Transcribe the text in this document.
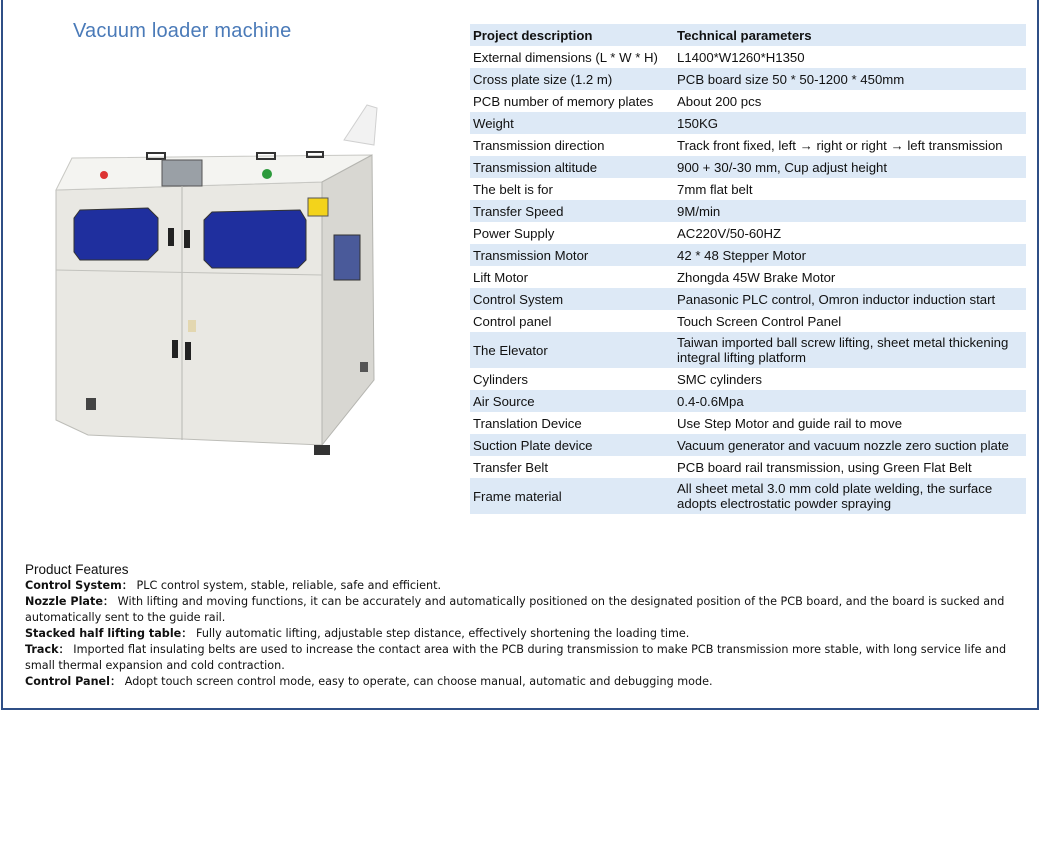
Vacuum loader machine	Project description	Technical parameters
External dimensions (L * W * H)	L1400*W1260*H1350
Cross plate size (1.2 m)	PCB board size 50 * 50-1200 * 450mm
PCB number of memory plates	About 200 pcs
Weight	150KG
Transmission direction	Track front fixed, left → right or right → left transmission
Transmission altitude	900 + 30/-30 mm, Cup adjust height
The belt is for	7mm flat belt
Transfer Speed	9M/min
Power Supply	AC220V/50-60HZ
Transmission Motor	42 * 48 Stepper Motor
Lift Motor	Zhongda 45W Brake Motor
Control System	Panasonic PLC control, Omron inductor induction start
Control panel	Touch Screen Control Panel
The Elevator	Taiwan imported ball screw lifting, sheet metal thickening integral lifting platform
Cylinders	SMC cylinders
Air Source	0.4-0.6Mpa
Translation Device	Use Step Motor and guide rail to move
Suction Plate device	Vacuum generator and vacuum nozzle zero suction plate
Transfer Belt	PCB board rail transmission, using Green Flat Belt
Frame material	All sheet metal 3.0 mm cold plate welding, the surface adopts electrostatic powder spraying
Product Features
Control System： PLC control system, stable, reliable, safe and efficient.
Nozzle Plate： With lifting and moving functions, it can be accurately and automatically positioned on the designated position of the PCB board, and the board is sucked and automatically sent to the guide rail.
Stacked half lifting table： Fully automatic lifting, adjustable step distance, effectively shortening the loading time.
Track： Imported flat insulating belts are used to increase the contact area with the PCB during transmission to make PCB transmission more stable, with long service life and small thermal expansion and cold contraction.
Control Panel： Adopt touch screen control mode, easy to operate, can choose manual, automatic and debugging mode.
